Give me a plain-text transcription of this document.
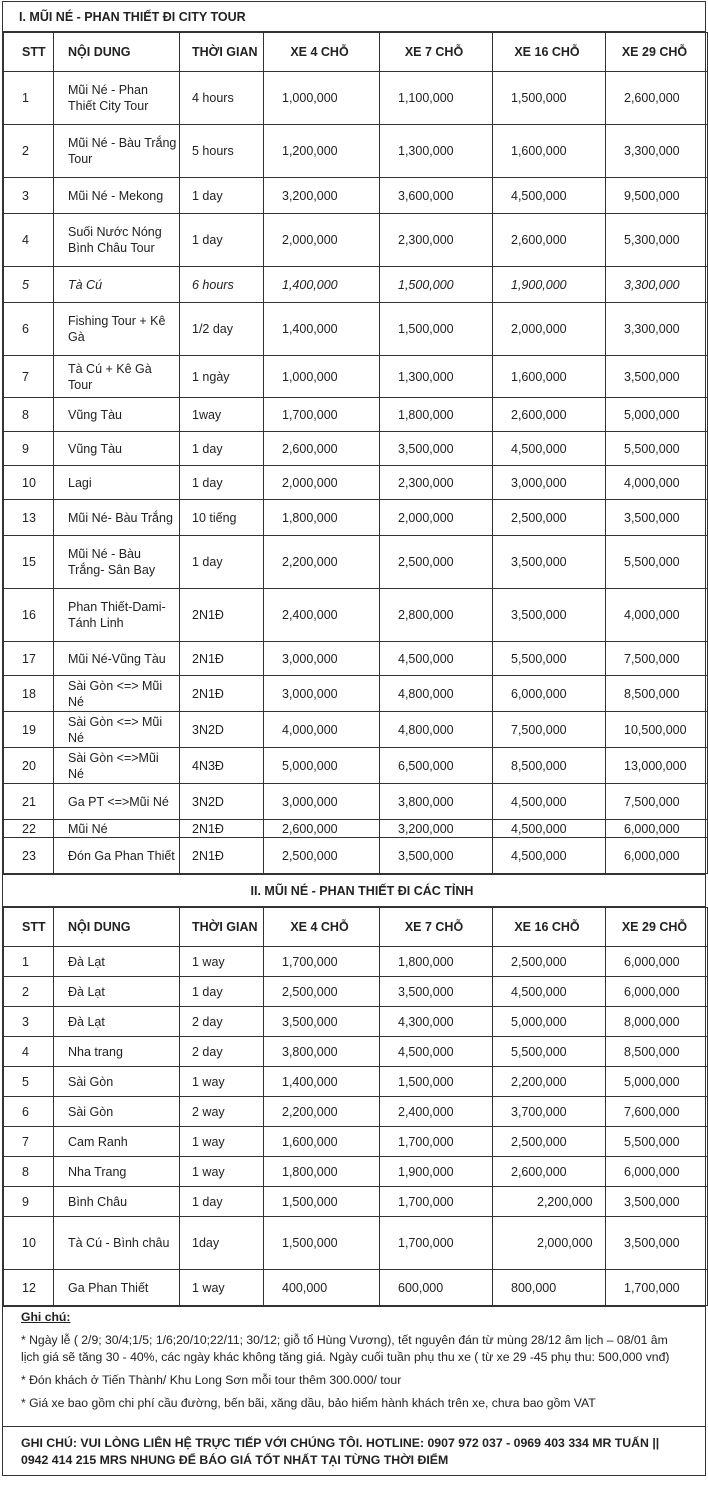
I. MŨI NÉ - PHAN THIẾT ĐI CITY TOUR
STT	NỘI DUNG	THỜI GIAN	XE 4 CHỖ	XE 7 CHỖ	XE 16 CHỖ	XE 29 CHỖ
1	Mũi Né - Phan Thiết City Tour	4 hours	1,000,000	1,100,000	1,500,000	2,600,000
2	Mũi Né - Bàu Trắng Tour	5 hours	1,200,000	1,300,000	1,600,000	3,300,000
3	Mũi Né - Mekong	1 day	3,200,000	3,600,000	4,500,000	9,500,000
4	Suối Nước Nóng Bình Châu Tour	1 day	2,000,000	2,300,000	2,600,000	5,300,000
5	Tà Cú	6 hours	1,400,000	1,500,000	1,900,000	3,300,000
6	Fishing Tour + Kê Gà	1/2 day	1,400,000	1,500,000	2,000,000	3,300,000
7	Tà Cú + Kê Gà Tour	1 ngày	1,000,000	1,300,000	1,600,000	3,500,000
8	Vũng Tàu	1way	1,700,000	1,800,000	2,600,000	5,000,000
9	Vũng Tàu	1 day	2,600,000	3,500,000	4,500,000	5,500,000
10	Lagi	1 day	2,000,000	2,300,000	3,000,000	4,000,000
13	Mũi Né- Bàu Trắng	10 tiếng	1,800,000	2,000,000	2,500,000	3,500,000
15	Mũi Né - Bàu Trắng- Sân Bay	1 day	2,200,000	2,500,000	3,500,000	5,500,000
16	Phan Thiết-Dami-Tánh Linh	2N1Đ	2,400,000	2,800,000	3,500,000	4,000,000
17	Mũi Né-Vũng Tàu	2N1Đ	3,000,000	4,500,000	5,500,000	7,500,000
18	Sài Gòn <=> Mũi Né	2N1Đ	3,000,000	4,800,000	6,000,000	8,500,000
19	Sài Gòn <=> Mũi Né	3N2D	4,000,000	4,800,000	7,500,000	10,500,000
20	Sài Gòn <=>Mũi Né	4N3Đ	5,000,000	6,500,000	8,500,000	13,000,000
21	Ga PT <=>Mũi Né	3N2D	3,000,000	3,800,000	4,500,000	7,500,000
22	Mũi Né	2N1Đ	2,600,000	3,200,000	4,500,000	6,000,000
23	Đón Ga Phan Thiết	2N1Đ	2,500,000	3,500,000	4,500,000	6,000,000
II. MŨI NÉ - PHAN THIẾT ĐI CÁC TỈNH
STT	NỘI DUNG	THỜI GIAN	XE 4 CHỖ	XE 7 CHỖ	XE 16 CHỖ	XE 29 CHỖ
1	Đà Lạt	1 way	1,700,000	1,800,000	2,500,000	6,000,000
2	Đà Lạt	1 day	2,500,000	3,500,000	4,500,000	6,000,000
3	Đà Lạt	2 day	3,500,000	4,300,000	5,000,000	8,000,000
4	Nha trang	2 day	3,800,000	4,500,000	5,500,000	8,500,000
5	Sài Gòn	1 way	1,400,000	1,500,000	2,200,000	5,000,000
6	Sài Gòn	2 way	2,200,000	2,400,000	3,700,000	7,600,000
7	Cam Ranh	1 way	1,600,000	1,700,000	2,500,000	5,500,000
8	Nha Trang	1 way	1,800,000	1,900,000	2,600,000	6,000,000
9	Bình Châu	1 day	1,500,000	1,700,000	2,200,000	3,500,000
10	Tà Cú - Bình châu	1day	1,500,000	1,700,000	2,000,000	3,500,000
12	Ga Phan Thiết	1 way	400,000	600,000	800,000	1,700,000
Ghi chú:
* Ngày lễ ( 2/9; 30/4;1/5; 1/6;20/10;22/11; 30/12; giỗ tổ Hùng Vương), tết nguyên đán từ mùng 28/12 âm lịch – 08/01 âm lịch giá sẽ tăng 30 - 40%, các ngày khác không tăng giá. Ngày cuối tuần phụ thu xe ( từ xe 29 -45 phụ thu: 500,000 vnđ)
* Đón khách ở Tiến Thành/ Khu Long Sơn mỗi tour thêm 300.000/ tour
* Giá xe bao gồm chi phí cầu đường, bến bãi, xăng dầu, bảo hiểm hành khách trên xe, chưa bao gồm VAT
GHI CHÚ: VUI LÒNG LIÊN HỆ TRỰC TIẾP VỚI CHÚNG TÔI. HOTLINE: 0907 972 037 - 0969 403 334 MR TUẤN || 0942 414 215 MRS NHUNG ĐỂ BÁO GIÁ TỐT NHẤT TẠI TỪNG THỜI ĐIỂM
